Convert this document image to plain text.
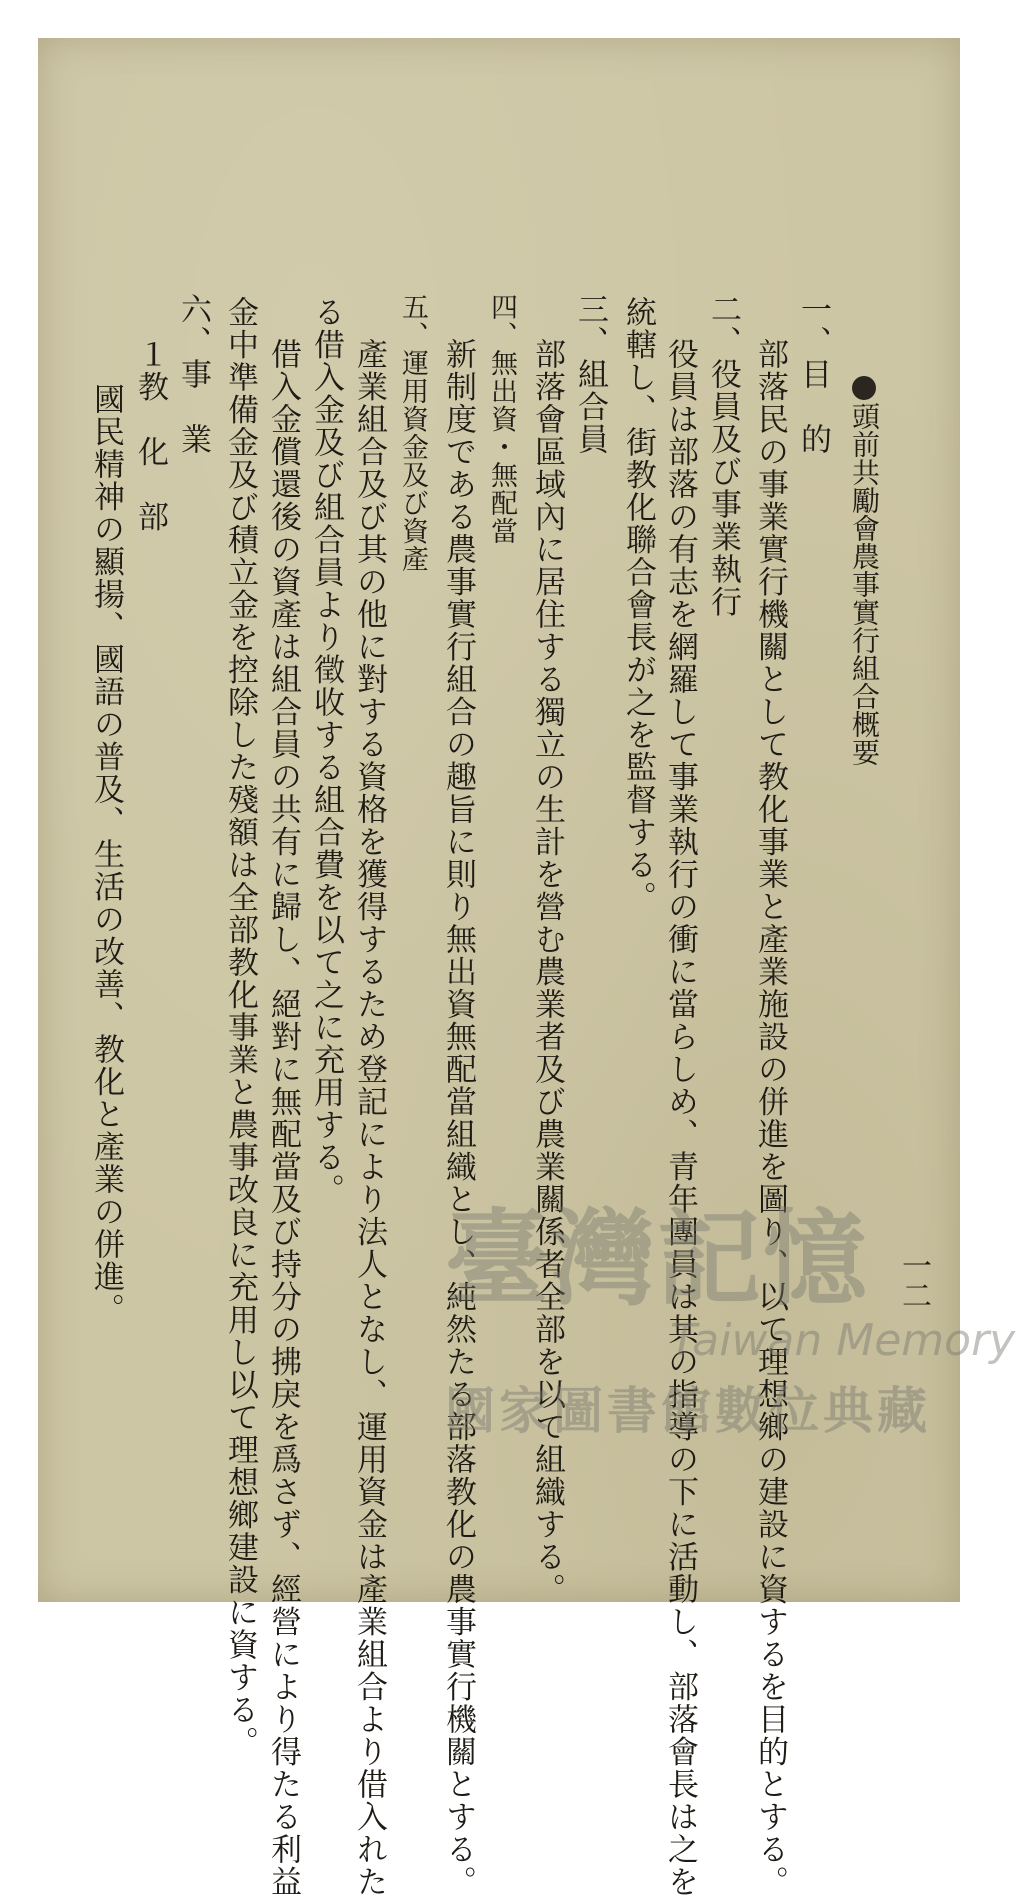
頭前共勵會農事實行組合概要
一、目　的
部落民の事業實行機關として教化事業と產業施設の併進を圖り、以て理想鄉の建設に資するを目的とする。
二、役員及び事業執行
役員は部落の有志を網羅して事業執行の衝に當らしめ、青年團員は其の指導の下に活動し、部落會長は之を
統轄し、街教化聯合會長が之を監督する。
三、組合員
部落會區域內に居住する獨立の生計を營む農業者及び農業關係者全部を以て組織する。
四、無出資・無配當
新制度である農事實行組合の趣旨に則り無出資無配當組織とし、純然たる部落教化の農事實行機關とする。
五、運用資金及び資產
產業組合及び其の他に對する資格を獲得するため登記により法人となし、運用資金は產業組合より借入れた
る借入金及び組合員より徵收する組合費を以て之に充用する。
借入金償還後の資產は組合員の共有に歸し、絕對に無配當及び持分の拂戾を爲さず、經營により得たる利益
金中準備金及び積立金を控除した殘額は全部教化事業と農事改良に充用し以て理想鄉建設に資する。
六、事　業
１教　化　部
國民精神の顯揚、國語の普及、生活の改善、教化と產業の併進。	一二
臺灣記憶
Taiwan Memory
國家圖書館數位典藏
